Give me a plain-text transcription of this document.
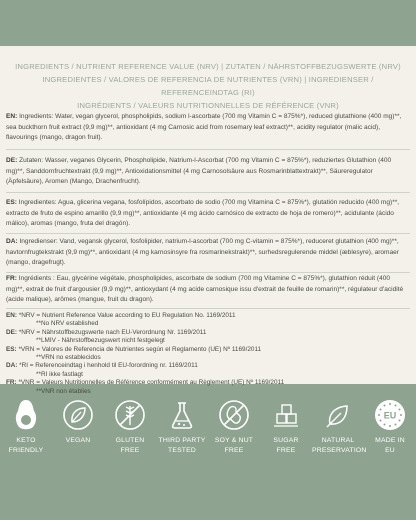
INGREDIENTS / NUTRIENT REFERENCE VALUE (NRV) | ZUTATEN / NÄHRSTOFFBEZUGSWERTE (NRV)
INGREDIENTES / VALORES DE REFERENCIA DE NUTRIENTES (VRN) | INGREDIENSER / REFERENCEINDTAG (RI)
INGRÉDIENTS / VALEURS NUTRITIONNELLES DE RÉFÉRENCE (VNR)
EN: Ingredients: Water, vegan glycerol, phospholipids, sodium l-ascorbate (700 mg Vitamin C = 875%*), reduced glutathione (400 mg)**, sea buckthorn fruit extract (9,9 mg)**, antioxidant (4 mg Carnosic acid from rosemary leaf extract)**, acidity regulator (malic acid), flavourings (mango, dragon fruit).
DE: Zutaten: Wasser, veganes Glycerin, Phospholipide, Natrium-l-Ascorbat (700 mg Vitamin C = 875%*), reduziertes Glutathion (400 mg)**, Sanddornfruchtextrakt (9,9 mg)**, Antioxidationsmittel (4 mg Carnosolsäure aus Rosmarinblattextrakt)**, Säureregulator (Äpfelsäure), Aromen (Mango, Drachenfrucht).
ES: Ingredientes: Agua, glicerina vegana, fosfolípidos, ascorbato de sodio (700 mg Vitamina C = 875%*), glutatión reducido (400 mg)**, extracto de fruto de espino amarillo (9,9 mg)**, antioxidante (4 mg ácido carnósico de extracto de hoja de romero)**, acidulante (ácido málico), aromas (mango, fruta del dragón).
DA: Ingredienser: Vand, vegansk glycerol, fosfolipider, natrium-l-ascorbat (700 mg C-vitamin = 875%*), reduceret glutathion (400 mg)**, havtornfrugtekstrakt (9,9 mg)**, antioxidant (4 mg karnosinsyre fra rosmarinekstrakt)**, surhedsregulerende middel (æblesyre), aromaer (mango, dragefrugt).
FR: Ingrédients : Eau, glycérine végétale, phospholipides, ascorbate de sodium (700 mg Vitamine C = 875%*), glutathion réduit (400 mg)**, extrait de fruit d'argousier (9,9 mg)**, antioxydant (4 mg acide carnosique issu d'extrait de feuille de romarin)**, régulateur d'acidité (acide malique), arômes (mangue, fruit du dragon).
EN: *NRV = Nutrient Reference Value according to EU Regulation No. 1169/2011
**No NRV established
DE: *NRV = Nährstoffbezugswerte nach EU-Verordnung Nr. 1169/2011
**LMIV - Nährstoffbezugswert nicht festgelegt
ES: *VRN = Valores de Referencia de Nutrientes según el Reglamento (UE) Nº 1169/2011
**VRN no establecidos
DA: *RI = Referenceindtag i henhold til EU-forordning nr. 1169/2011
**RI ikke fastlagt
FR: *VNR = Valeurs Nutritionnelles de Référence conformément au Règlement (UE) Nº 1169/2011
**VNR non établies
KETO
FRIENDLY
VEGAN	GLUTEN
FREE
THIRD PARTY
TESTED
SOY & NUT
FREE
SUGAR
FREE
NATURAL
PRESERVATION
EU
MADE IN
EU
